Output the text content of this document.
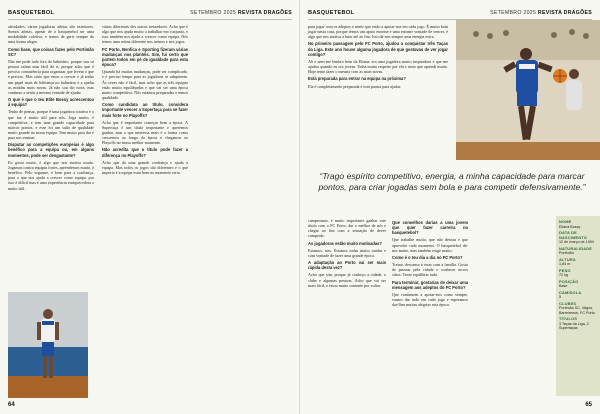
BASQUETEBOL	SETEMBRO 2025 REVISTA DRAGÕES

atividades, várias jogadoras atletas são exteriores. Somos atletas, apesar de o basquetebol ser uma modalidade coletiva, e temos de gerir sempre de uma forma alegre.

Como base, que coisas fazes pelo Portimão SC?

Não me pode toda fora do balneário, porque sou só pessoa calma mas fácil de ir, porque acho que é preciso consistência para organizar que levem o que é preciso. Mas sinto que estou a crescer e já tenho um papel mais de liderança no balneário e a ajudar as miúdas mais novas. Já não sou tão nova, mas continuo a sentir a mesma vontade de ajudar.

O que é que o teu Elite Bossy acrescentou à equipa?

Tenho de pensar, porque é uma jogadora criativa e o que faz é muito útil para nós. Joga muito, é competitiva, e tem uma grande capacidade para marcar pontos, e esse foi um salto de qualidade muito grande na nossa equipa. Tem muito para dar e para nos ensinar.

Disputar as competições europeias é algo benéfico para a equipa ou, em alguns momentos, pode ser desgastante?

Eu gosto muito, é algo que nos motiva muito. Jogamos contra equipas fortes, aprendemos muito, é benéfico. Pelo seguinte, é bom para a confiança, para o que nos ajuda a crescer como equipa, por isso é difícil mas é uma experiência enriquecedora e muito útil.

várias diferentes dos outros treinadores. Acho que é algo que nos ajuda muito a trabalhar em conjunto, e isso também nos ajuda a crescer como equipa. Nós temos uma rotina diferente nos treinos e nos jogos.

FC Porto, Benfica e Sporting fizeram várias mudanças nos plantéis. Sim, fui certo que partem todos em pé de igualdade para esta época?

Quando há muitas mudanças, pode ser complicado, e é preciso tempo para as jogadoras se adaptarem. Às vezes não é fácil, mas acho que as três equipas estão muito equilibradas e que vai ser uma época muito competitiva. Nós estamos preparadas e temos qualidade.

Como candidata ao título, considera importante vencer a Supertaça para se fazer mais forte no Playoffs?

Acho que é importante começar bem a época. A Supertaça é um título importante e queremos ganhar, mas o que interessa mais é a forma como crescemos ao longo da época e chegamos ao Playoffs no nosso melhor momento.

Não acredita que o título pode fazer a diferença no Playoffs?

Acho que dá uma grande confiança e ajuda a equipa. Mas todos os jogos são diferentes e o que importa é a equipa estar bem no momento certo.

64
BASQUETEBOL	SETEMBRO 2025 REVISTA DRAGÕES

para jogar com os adeptos e sentir que estão a apoiar-nos em cada jogo. É muito bom jogar nesta casa, porque temos um apoio enorme e uma enorme vontade de vencer, é algo que nos motiva a lutar até ao fim. Isso dá-nos sempre uma energia extra.

No primeiro passagem pelo FC Porto, ajudou a conquistar três Taças da Liga. Este ano houve alguma jogadora de que gostavas de ver jogar contigo?

Ah e nem me lembro bem da Eliana, era uma jogadora muito inspiradora e que me ajudou quando eu era jovem. Tinha muito respeito por ela e sinto que aprendi muito. Hoje tento fazer o mesmo com as mais novas.

Está preparada para entrar na equipa na próxima?

Ela é completamente preparada e está pronta para ajudar.

campeonato, é muito importante ganhar este título com o FC Porto, dar o melhor de nós e chegar ao fim com a sensação de dever cumprido.

As jogadoras estão muito motivadas?

Estamos, sim. Estamos todas muito unidas e com vontade de fazer uma grande época.

A adaptação ao Porto vai ser mais rápida desta vez?

Acho que sim, porque já conheço a cidade, o clube e algumas pessoas. Acho que vai ser mais fácil, e estou muito contente por voltar.

Que conselhos darias a uma jovem que quer fazer carreira no basquetebol?

Que trabalhe muito, que não desista e que aproveite cada momento. O basquetebol dá-nos muito, mas também exige muito.

Como é o teu dia a dia no FC Porto?

Treino, descanso e estar com a família. Gosto de passear pela cidade e conhecer novos sítios. Tento equilibrar tudo.

Para terminar, gostarias de deixar uma mensagem aos adeptos do FC Porto?

Que continuem a apoiar-nos como sempre, vamos dar tudo em cada jogo e esperamos dar-lhes muitas alegrias esta época.

65
“Trago espírito competitivo, energia, a minha capacidade para marcar pontos, para criar jogadas sem bola e para competir defensivamente.”
NOME
Eliana Bossy
DATA DE NASCIMENTO
12 de março de 1994
NATURALIDADE
Portimão
ALTURA
1,84 m
PESO
72 kg
POSIÇÃO
Base
CAMISOLA
5
CLUBES
Portimão SC, Vagos, Barreirense, FC Porto
TÍTULOS
3 Taças da Liga, 2 Supertaças
